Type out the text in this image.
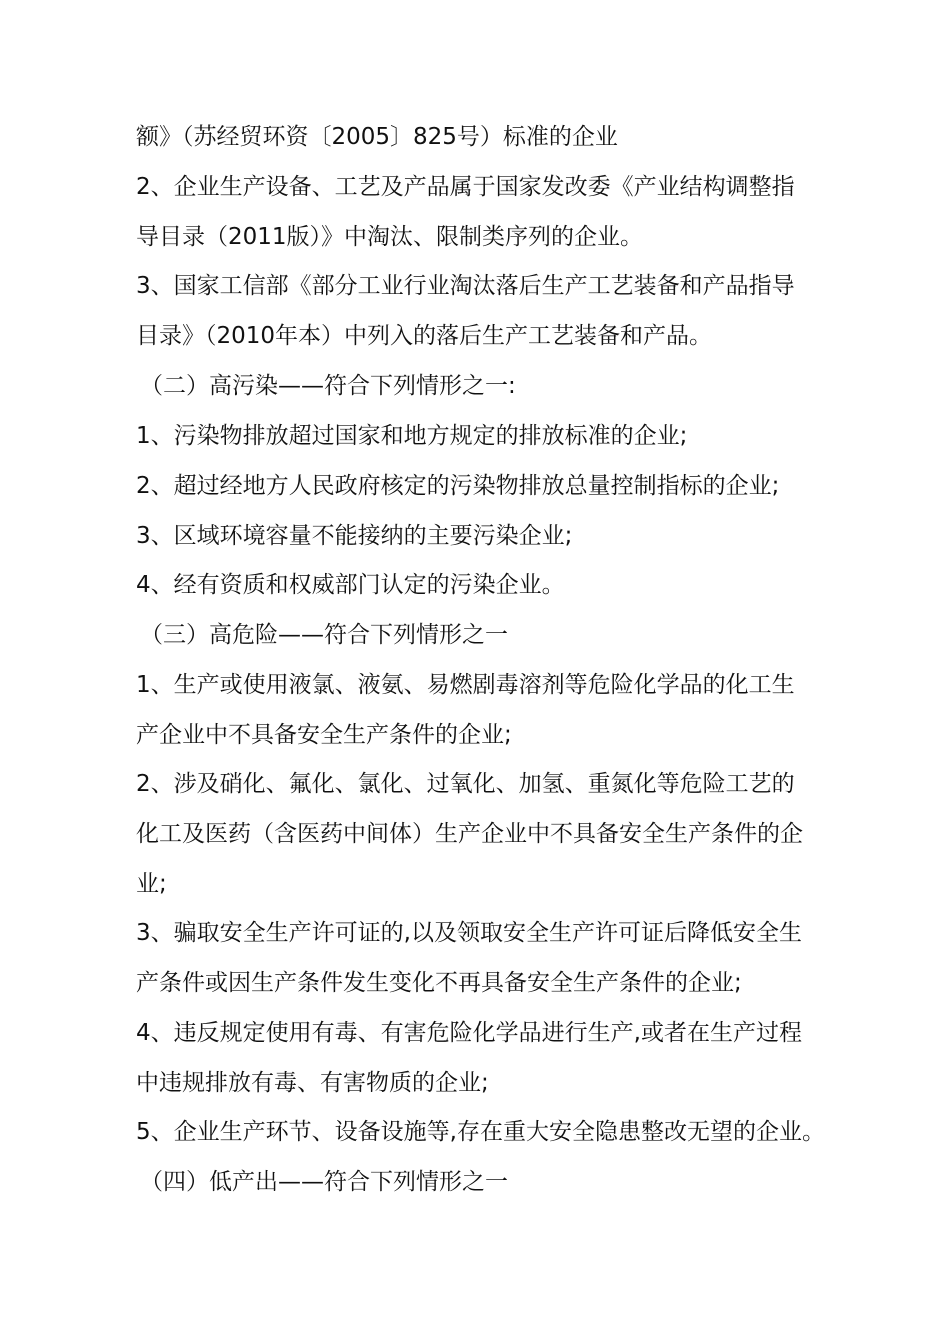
额》（苏经贸环资〔2005〕825号）标准的企业
2、企业生产设备、工艺及产品属于国家发改委《产业结构调整指
导目录（2011版）》中淘汰、限制类序列的企业。
3、国家工信部《部分工业行业淘汰落后生产工艺装备和产品指导
目录》（2010年本）中列入的落后生产工艺装备和产品。
（二）高污染——符合下列情形之一:
1、污染物排放超过国家和地方规定的排放标准的企业;
2、超过经地方人民政府核定的污染物排放总量控制指标的企业;
3、区域环境容量不能接纳的主要污染企业;
4、经有资质和权威部门认定的污染企业。
（三）高危险——符合下列情形之一
1、生产或使用液氯、液氨、易燃剧毒溶剂等危险化学品的化工生
产企业中不具备安全生产条件的企业;
2、涉及硝化、氟化、氯化、过氧化、加氢、重氮化等危险工艺的
化工及医药（含医药中间体）生产企业中不具备安全生产条件的企
业;
3、骗取安全生产许可证的,以及领取安全生产许可证后降低安全生
产条件或因生产条件发生变化不再具备安全生产条件的企业;
4、违反规定使用有毒、有害危险化学品进行生产,或者在生产过程
中违规排放有毒、有害物质的企业;
5、企业生产环节、设备设施等,存在重大安全隐患整改无望的企业。
（四）低产出——符合下列情形之一
